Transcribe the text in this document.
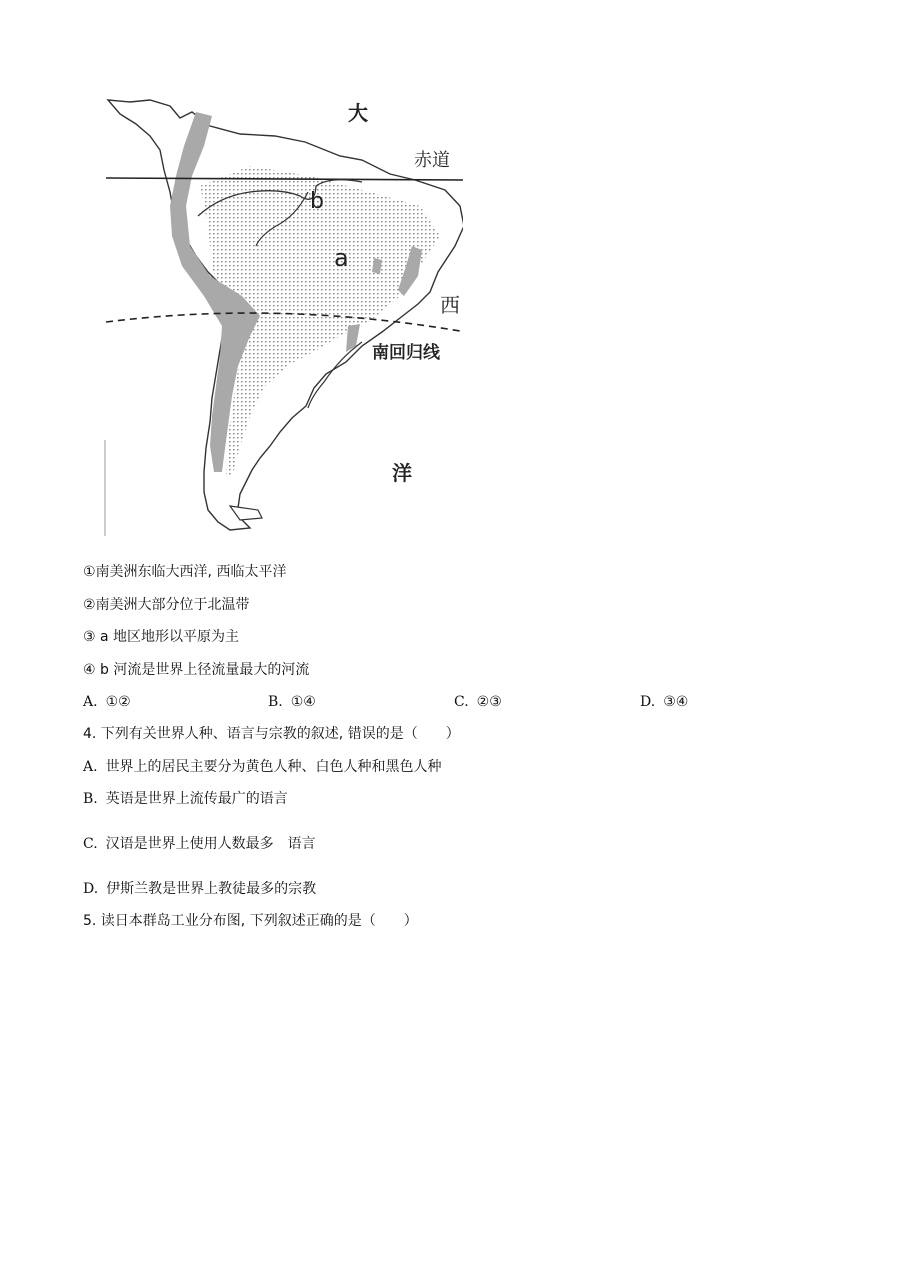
大
赤道
b
a
西
南回归线
洋
①南美洲东临大西洋, 西临太平洋
②南美洲大部分位于北温带
③ a 地区地形以平原为主
④ b 河流是世界上径流量最大的河流
A. ①②	B. ①④	C. ②③	D. ③④
4. 下列有关世界人种、语言与宗教的叙述, 错误的是（　　）
A. 世界上的居民主要分为黄色人种、白色人种和黑色人种
B. 英语是世界上流传最广的语言
C. 汉语是世界上使用人数最多　语言
D. 伊斯兰教是世界上教徒最多的宗教
5. 读日本群岛工业分布图, 下列叙述正确的是（　　）
